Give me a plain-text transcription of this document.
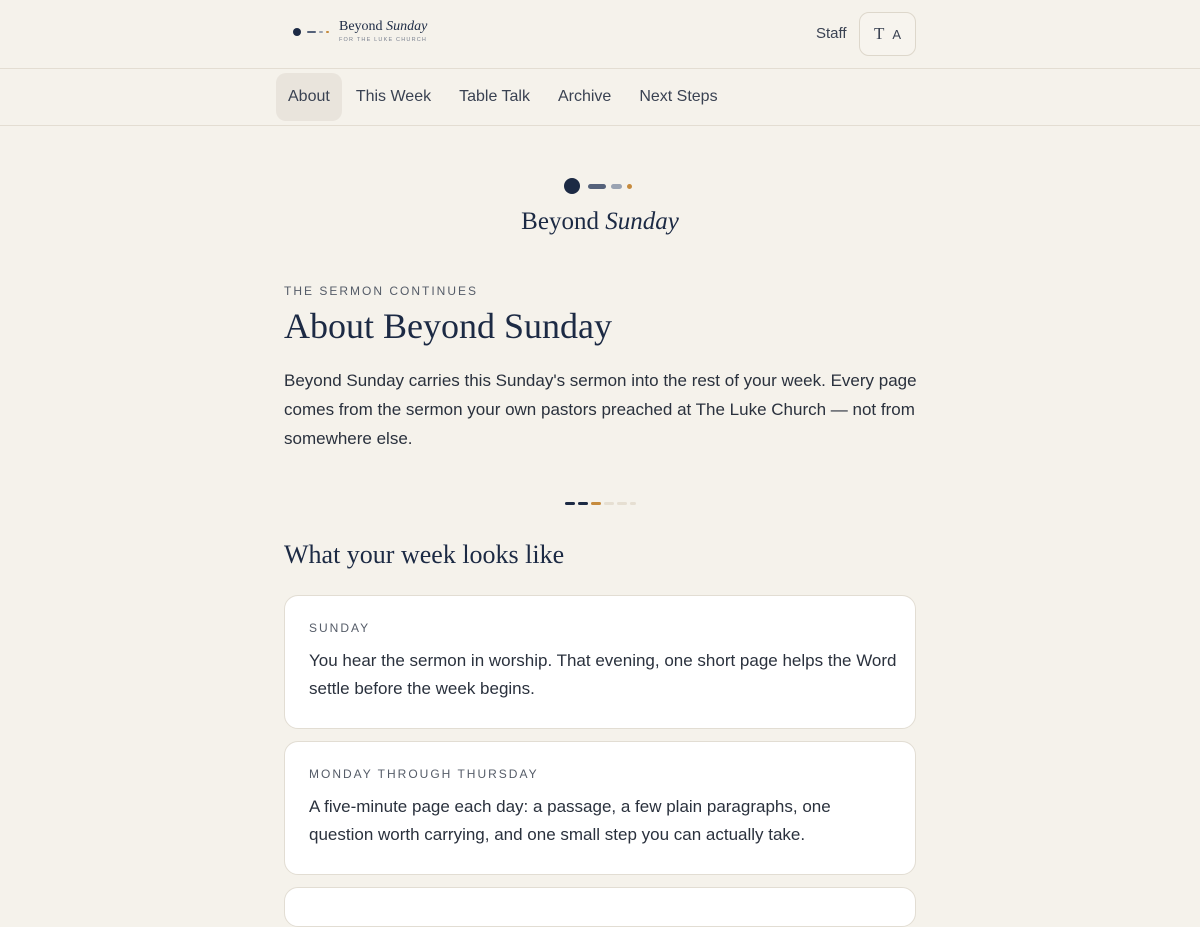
Beyond Sunday
FOR THE LUKE CHURCH	Staff T A
About	This Week	Table Talk	Archive	Next Steps
Beyond Sunday
THE SERMON CONTINUES
About Beyond Sunday

Beyond Sunday carries this Sunday's sermon into the rest of your week. Every page comes from the sermon your own pastors preached at The Luke Church — not from somewhere else.

What your week looks like
SUNDAY
You hear the sermon in worship. That evening, one short page helps the Word settle before the week begins.
MONDAY THROUGH THURSDAY
A five-minute page each day: a passage, a few plain paragraphs, one question worth carrying, and one small step you can actually take.
